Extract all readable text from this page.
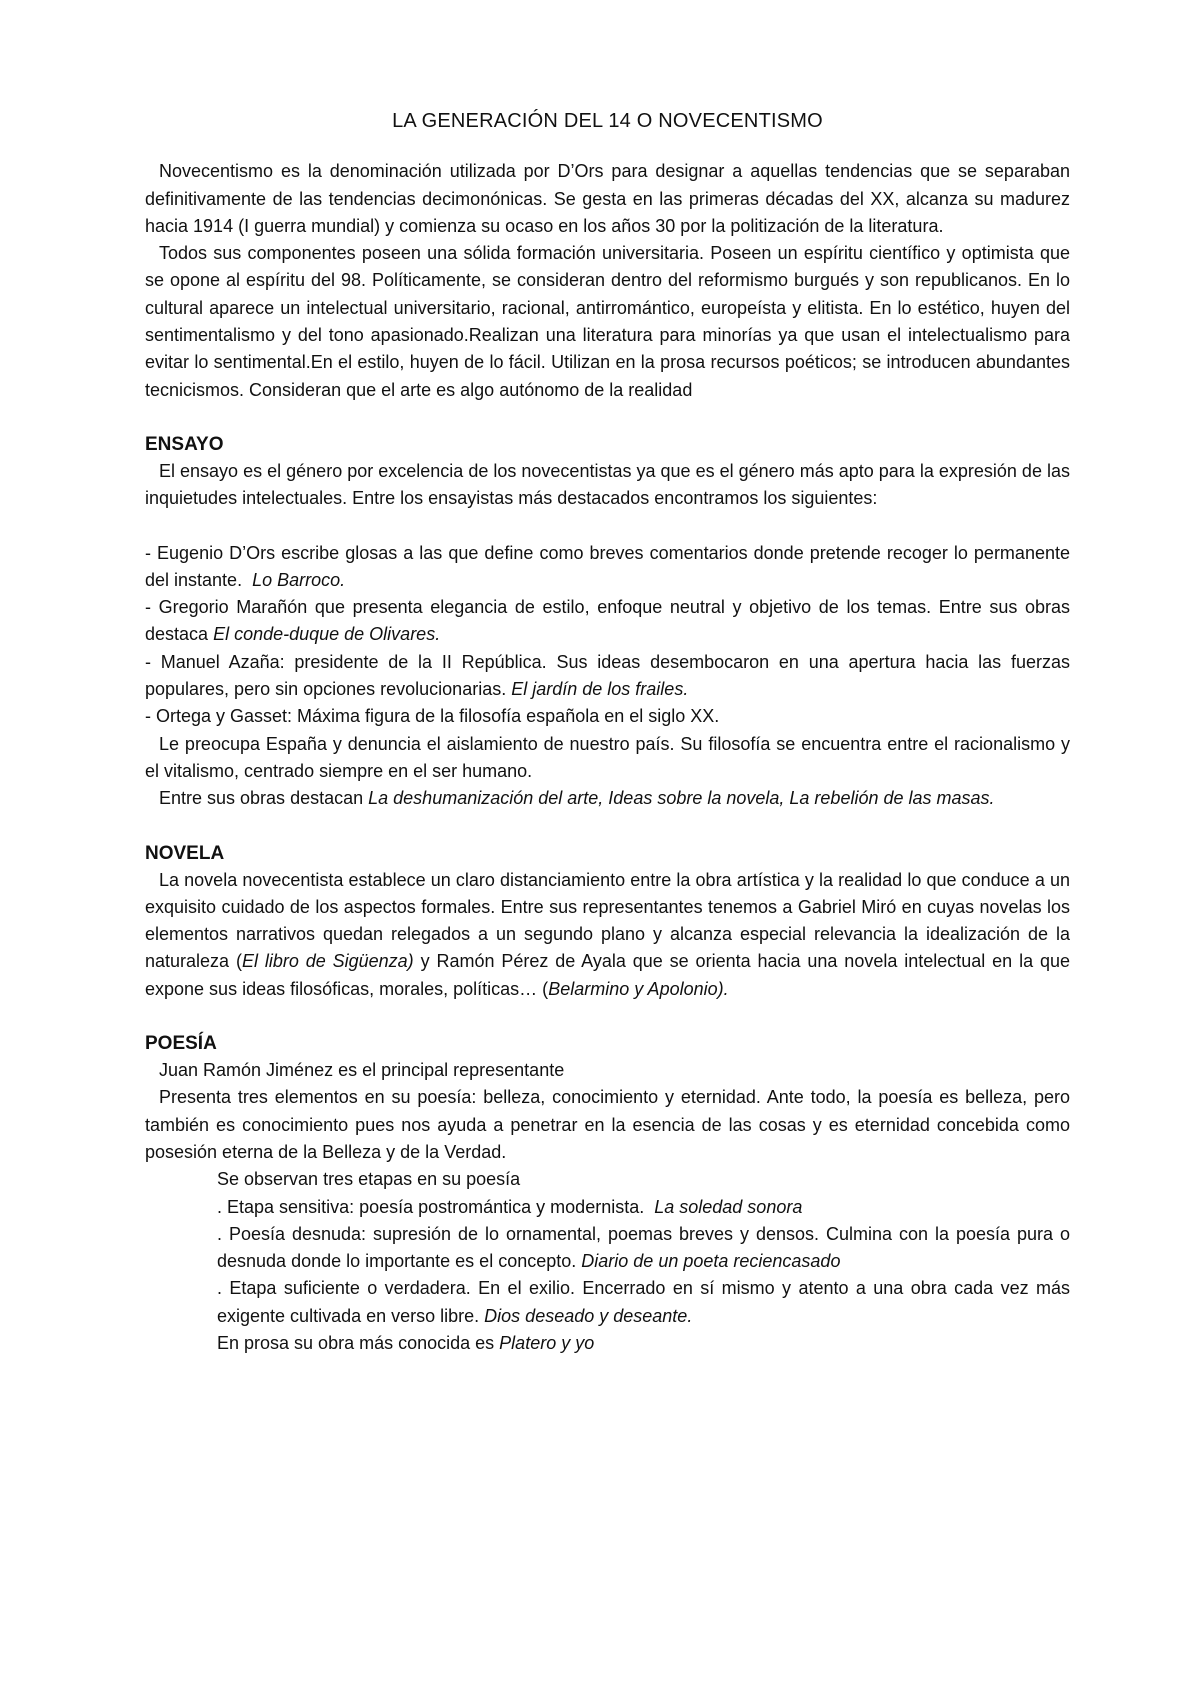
LA GENERACIÓN DEL 14 O NOVECENTISMO

Novecentismo es la denominación utilizada por D’Ors para designar a aquellas tendencias que se separaban definitivamente de las tendencias decimonónicas. Se gesta en las primeras décadas del XX, alcanza su madurez hacia 1914 (I guerra mundial) y comienza su ocaso en los años 30 por la politización de la literatura.

Todos sus componentes poseen una sólida formación universitaria. Poseen un espíritu científico y optimista que se opone al espíritu del 98. Políticamente, se consideran dentro del reformismo burgués y son republicanos. En lo cultural aparece un intelectual universitario, racional, antirromántico, europeísta y elitista. En lo estético, huyen del sentimentalismo y del tono apasionado.Realizan una literatura para minorías ya que usan el intelectualismo para evitar lo sentimental.En el estilo, huyen de lo fácil. Utilizan en la prosa recursos poéticos; se introducen abundantes tecnicismos. Consideran que el arte es algo autónomo de la realidad

ENSAYO

El ensayo es el género por excelencia de los novecentistas ya que es el género más apto para la expresión de las inquietudes intelectuales. Entre los ensayistas más destacados encontramos los siguientes:

- Eugenio D’Ors escribe glosas a las que define como breves comentarios donde pretende recoger lo permanente del instante. Lo Barroco.

- Gregorio Marañón que presenta elegancia de estilo, enfoque neutral y objetivo de los temas. Entre sus obras destaca El conde-duque de Olivares.

- Manuel Azaña: presidente de la II República. Sus ideas desembocaron en una apertura hacia las fuerzas populares, pero sin opciones revolucionarias. El jardín de los frailes.

- Ortega y Gasset: Máxima figura de la filosofía española en el siglo XX.

Le preocupa España y denuncia el aislamiento de nuestro país. Su filosofía se encuentra entre el racionalismo y el vitalismo, centrado siempre en el ser humano.

Entre sus obras destacan La deshumanización del arte, Ideas sobre la novela, La rebelión de las masas.

NOVELA

La novela novecentista establece un claro distanciamiento entre la obra artística y la realidad lo que conduce a un exquisito cuidado de los aspectos formales. Entre sus representantes tenemos a Gabriel Miró en cuyas novelas los elementos narrativos quedan relegados a un segundo plano y alcanza especial relevancia la idealización de la naturaleza (El libro de Sigüenza) y Ramón Pérez de Ayala que se orienta hacia una novela intelectual en la que expone sus ideas filosóficas, morales, políticas… (Belarmino y Apolonio).

POESÍA

Juan Ramón Jiménez es el principal representante

Presenta tres elementos en su poesía: belleza, conocimiento y eternidad. Ante todo, la poesía es belleza, pero también es conocimiento pues nos ayuda a penetrar en la esencia de las cosas y es eternidad concebida como posesión eterna de la Belleza y de la Verdad.

Se observan tres etapas en su poesía

. Etapa sensitiva: poesía postromántica y modernista. La soledad sonora

. Poesía desnuda: supresión de lo ornamental, poemas breves y densos. Culmina con la poesía pura o desnuda donde lo importante es el concepto. Diario de un poeta reciencasado

. Etapa suficiente o verdadera. En el exilio. Encerrado en sí mismo y atento a una obra cada vez más exigente cultivada en verso libre. Dios deseado y deseante.

En prosa su obra más conocida es Platero y yo
